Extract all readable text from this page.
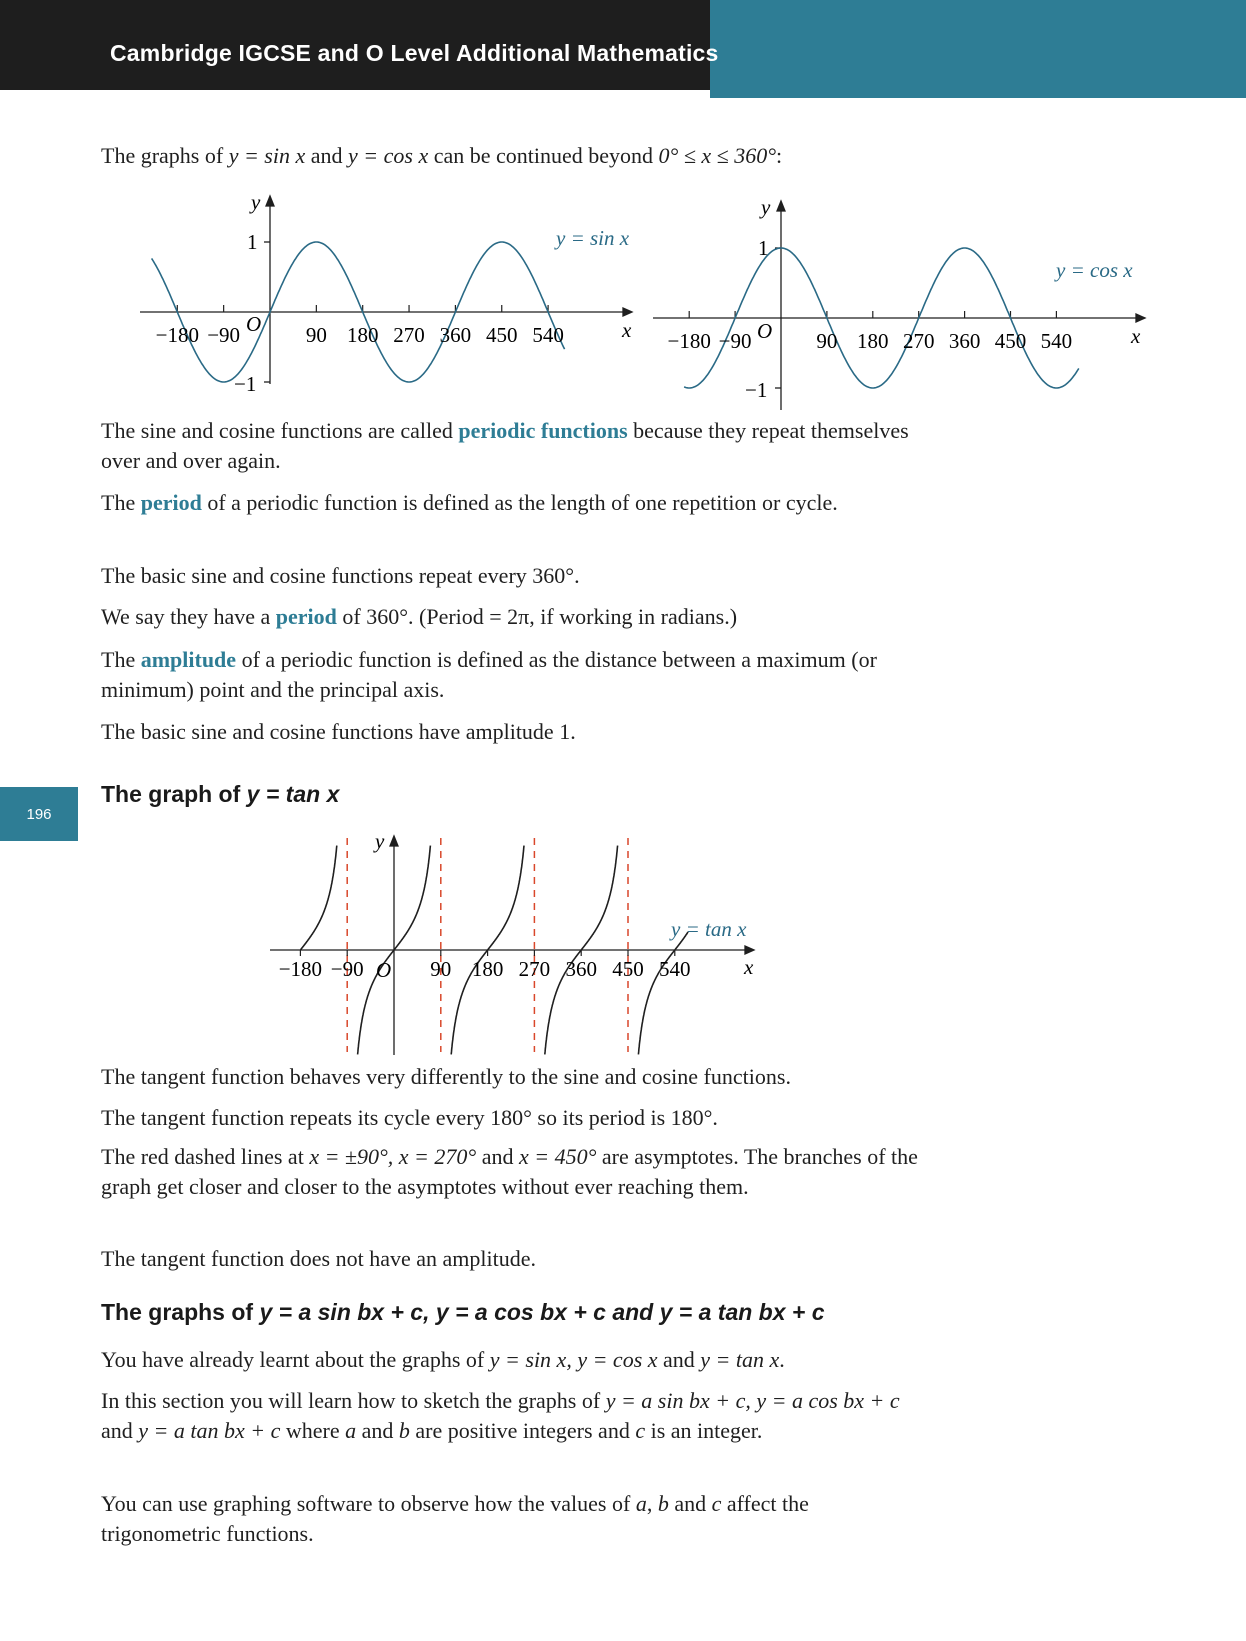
Cambridge IGCSE and O Level Additional Mathematics
196
The graphs of y = sin x and y = cos x can be continued beyond 0° ≤ x ≤ 360°:
y
1
−1
O	x
y = sin x
−180 −90	90 180 270 360 450 540
y
1
−1
O	x
y = cos x
−180 −90	90 180 270 360 450 540
The sine and cosine functions are called periodic functions because they repeat themselves over and over again.
The period of a periodic function is defined as the length of one repetition or cycle.
The basic sine and cosine functions repeat every 360°.
We say they have a period of 360°. (Period = 2π, if working in radians.)
The amplitude of a periodic function is defined as the distance between a maximum (or minimum) point and the principal axis.
The basic sine and cosine functions have amplitude 1.
The graph of y = tan x
y
O	x
y = tan x
−180 −90	90 180 270 360 450 540
The tangent function behaves very differently to the sine and cosine functions.
The tangent function repeats its cycle every 180° so its period is 180°.
The red dashed lines at x = ±90°, x = 270° and x = 450° are asymptotes. The branches of the graph get closer and closer to the asymptotes without ever reaching them.
The tangent function does not have an amplitude.
The graphs of y = a sin bx + c, y = a cos bx + c and y = a tan bx + c
You have already learnt about the graphs of y = sin x, y = cos x and y = tan x.
In this section you will learn how to sketch the graphs of y = a sin bx + c, y = a cos bx + c and y = a tan bx + c where a and b are positive integers and c is an integer.
You can use graphing software to observe how the values of a, b and c affect the trigonometric functions.
